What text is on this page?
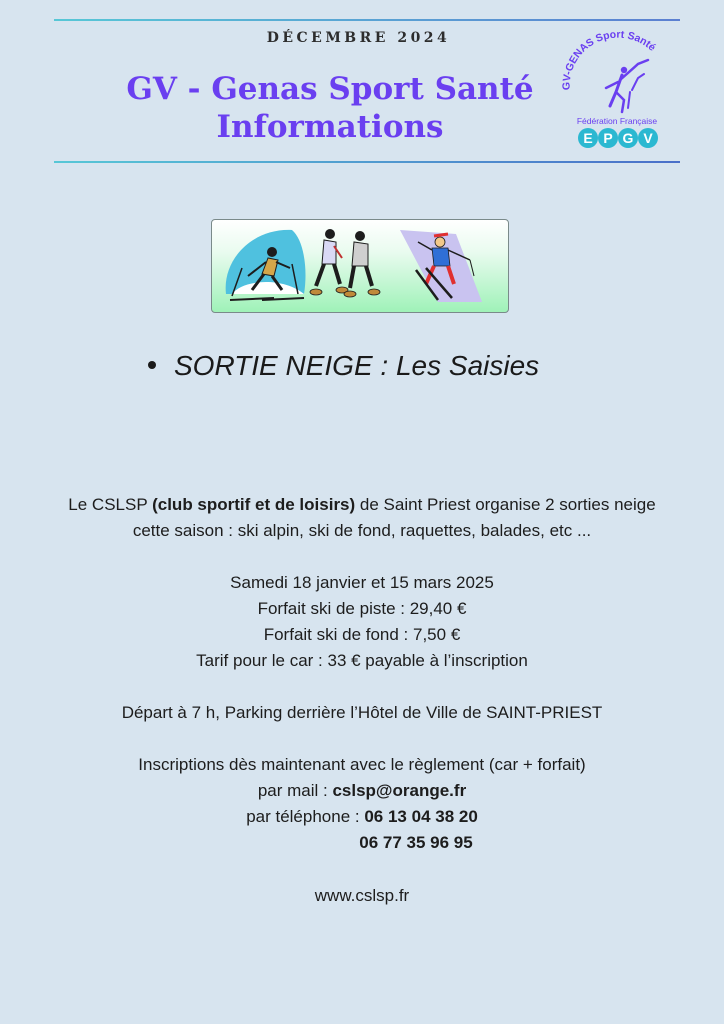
DÉCEMBRE 2024
GV - Genas Sport Santé
Informations
GV-GENAS Sport Santé
Fédération Française
E P G V
SORTIE NEIGE : Les Saisies

Le CSLSP (club sportif et de loisirs) de Saint Priest organise 2 sorties neige

cette saison : ski alpin, ski de fond, raquettes, balades, etc ...

Samedi 18 janvier et 15 mars 2025

Forfait ski de piste : 29,40 €

Forfait ski de fond : 7,50 €

Tarif pour le car : 33 € payable à l’inscription

Départ à 7 h, Parking derrière l’Hôtel de Ville de SAINT-PRIEST

Inscriptions dès maintenant avec le règlement (car + forfait)

par mail : cslsp@orange.fr

par téléphone : 06 13 04 38 20

06 77 35 96 95

www.cslsp.fr
